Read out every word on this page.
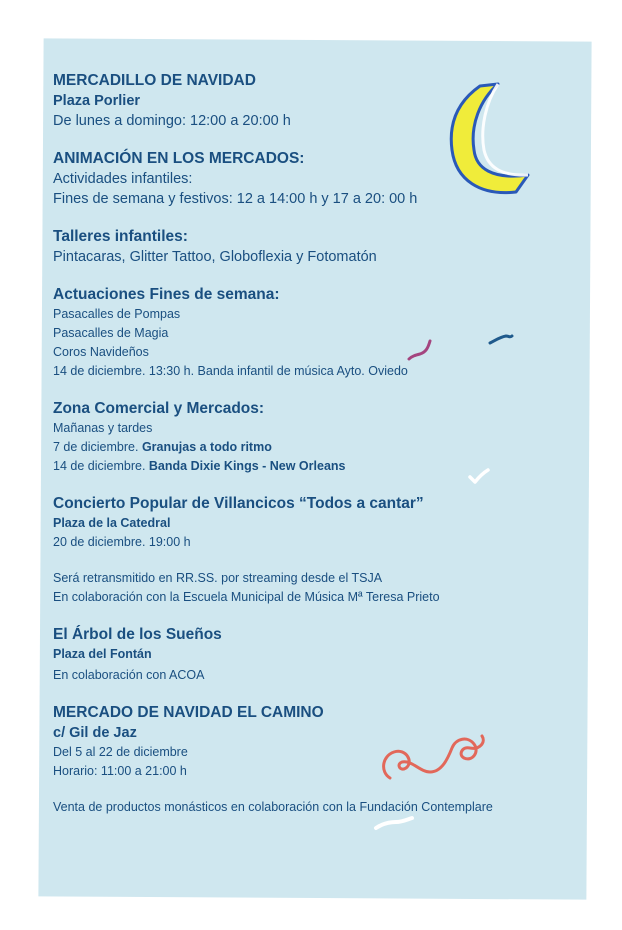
MERCADILLO DE NAVIDAD
Plaza Porlier
De lunes a domingo: 12:00 a 20:00 h
ANIMACIÓN EN LOS MERCADOS:
Actividades infantiles:
Fines de semana y festivos: 12 a 14:00 h y 17 a 20: 00 h
Talleres infantiles:
Pintacaras, Glitter Tattoo, Globoflexia y Fotomatón
Actuaciones Fines de semana:
Pasacalles de Pompas
Pasacalles de Magia
Coros Navideños
14 de diciembre. 13:30 h. Banda infantil de música Ayto. Oviedo
Zona Comercial y Mercados:
Mañanas y tardes
7 de diciembre. Granujas a todo ritmo
14 de diciembre. Banda Dixie Kings - New Orleans
Concierto Popular de Villancicos “Todos a cantar”
Plaza de la Catedral
20 de diciembre. 19:00 h
Será retransmitido en RR.SS. por streaming desde el TSJA
En colaboración con la Escuela Municipal de Música Mª Teresa Prieto
El Árbol de los Sueños
Plaza del Fontán
En colaboración con ACOA
MERCADO DE NAVIDAD EL CAMINO
c/ Gil de Jaz
Del 5 al 22 de diciembre
Horario: 11:00 a 21:00 h
Venta de productos monásticos en colaboración con la Fundación Contemplare
